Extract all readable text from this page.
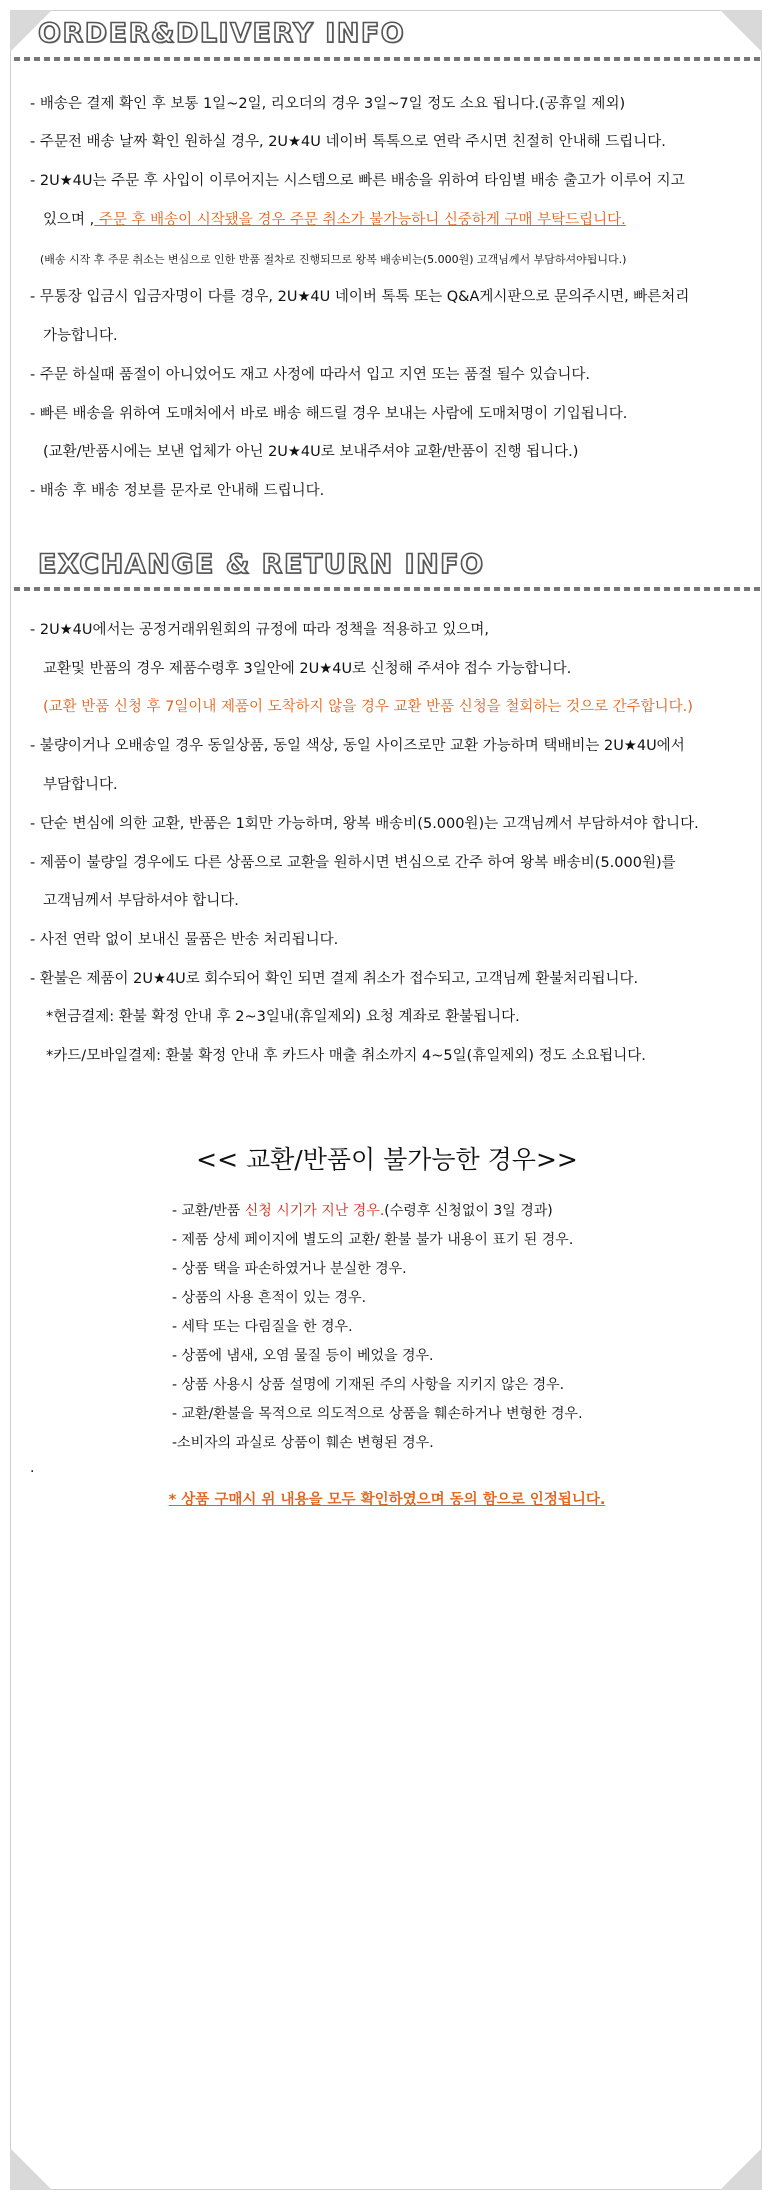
ORDER&DLIVERY INFO
- 배송은 결제 확인 후 보통 1일~2일, 리오더의 경우 3일~7일 정도 소요 됩니다.(공휴일 제외)
- 주문전 배송 날짜 확인 원하실 경우, 2U★4U 네이버 톡톡으로 연락 주시면 친절히 안내해 드립니다.
- 2U★4U는 주문 후 사입이 이루어지는 시스템으로 빠른 배송을 위하여 타임별 배송 출고가 이루어 지고
있으며 , 주문 후 배송이 시작됐을 경우 주문 취소가 불가능하니 신중하게 구매 부탁드립니다.
(배송 시작 후 주문 취소는 변심으로 인한 반품 절차로 진행되므로 왕복 배송비는(5.000원) 고객님께서 부담하셔야됩니다.)
- 무통장 입금시 입금자명이 다를 경우, 2U★4U 네이버 톡톡 또는 Q&A게시판으로 문의주시면, 빠른처리
가능합니다.
- 주문 하실때 품절이 아니었어도 재고 사정에 따라서 입고 지연 또는 품절 될수 있습니다.
- 빠른 배송을 위하여 도매처에서 바로 배송 해드릴 경우 보내는 사람에 도매처명이 기입됩니다.
(교환/반품시에는 보낸 업체가 아닌 2U★4U로 보내주셔야 교환/반품이 진행 됩니다.)
- 배송 후 배송 정보를 문자로 안내해 드립니다.
EXCHANGE & RETURN INFO
- 2U★4U에서는 공정거래위원회의 규정에 따라 정책을 적용하고 있으며,
교환및 반품의 경우 제품수령후 3일안에 2U★4U로 신청해 주셔야 접수 가능합니다.
(교환 반품 신청 후 7일이내 제품이 도착하지 않을 경우 교환 반품 신청을 철회하는 것으로 간주합니다.)
- 불량이거나 오배송일 경우 동일상품, 동일 색상, 동일 사이즈로만 교환 가능하며 택배비는 2U★4U에서
부담합니다.
- 단순 변심에 의한 교환, 반품은 1회만 가능하며, 왕복 배송비(5.000원)는 고객님께서 부담하셔야 합니다.
- 제품이 불량일 경우에도 다른 상품으로 교환을 원하시면 변심으로 간주 하여 왕복 배송비(5.000원)를
고객님께서 부담하셔야 합니다.
- 사전 연락 없이 보내신 물품은 반송 처리됩니다.
- 환불은 제품이 2U★4U로 회수되어 확인 되면 결제 취소가 접수되고, 고객님께 환불처리됩니다.
*현금결제: 환불 확정 안내 후 2~3일내(휴일제외) 요청 계좌로 환불됩니다.
*카드/모바일결제: 환불 확정 안내 후 카드사 매출 취소까지 4~5일(휴일제외) 정도 소요됩니다.
<< 교환/반품이 불가능한 경우>>
- 교환/반품 신청 시기가 지난 경우.(수령후 신청없이 3일 경과)
- 제품 상세 페이지에 별도의 교환/ 환불 불가 내용이 표기 된 경우.
- 상품 택을 파손하였거나 분실한 경우.
- 상품의 사용 흔적이 있는 경우.
- 세탁 또는 다림질을 한 경우.
- 상품에 냄새, 오염 물질 등이 베었을 경우.
- 상품 사용시 상품 설명에 기재된 주의 사항을 지키지 않은 경우.
- 교환/환불을 목적으로 의도적으로 상품을 훼손하거나 변형한 경우.
-소비자의 과실로 상품이 훼손 변형된 경우.
.
* 상품 구매시 위 내용을 모두 확인하였으며 동의 함으로 인정됩니다.
